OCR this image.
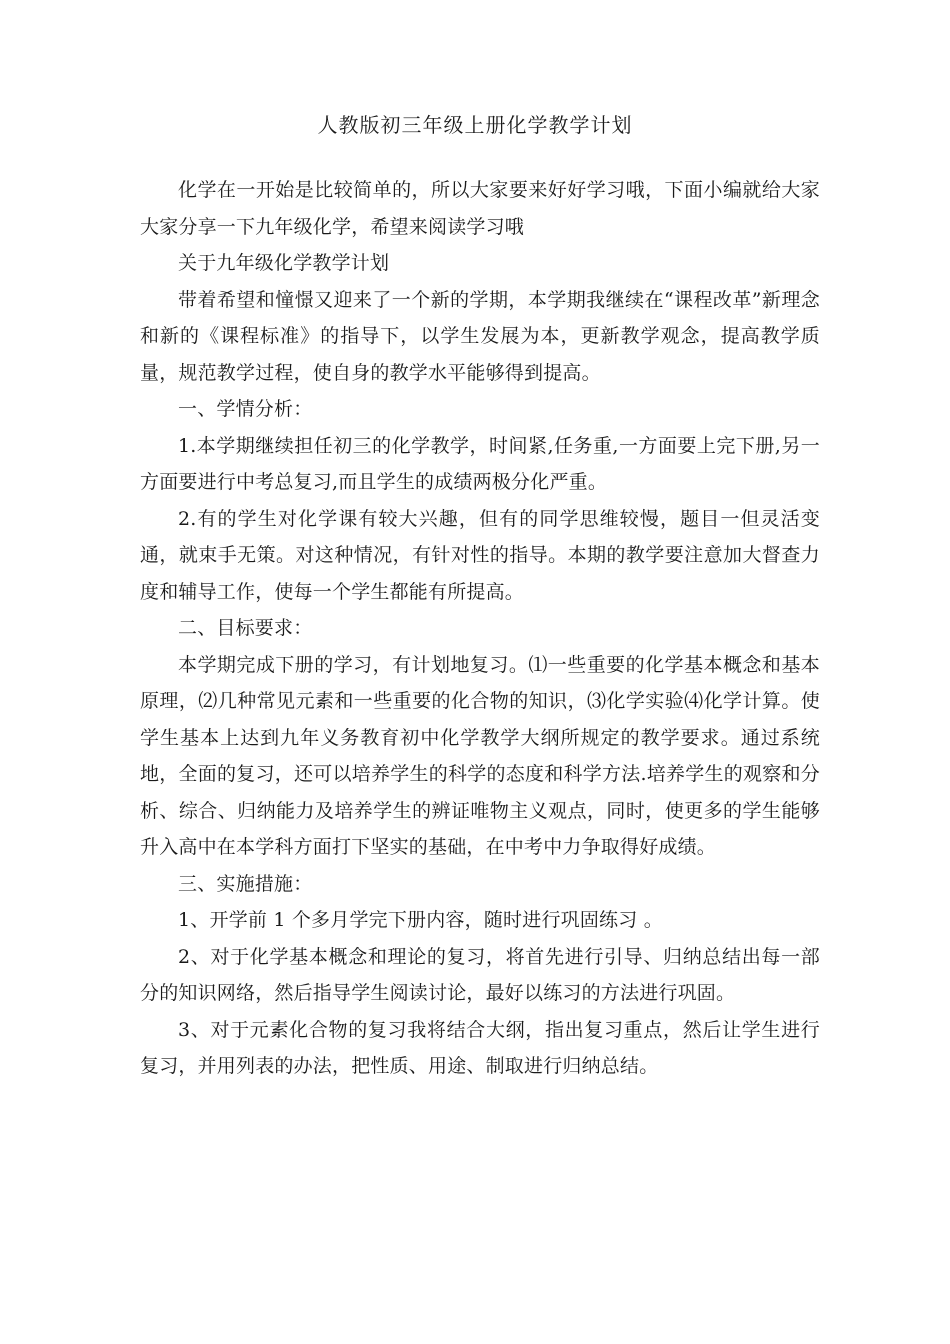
人教版初三年级上册化学教学计划

化学在一开始是比较简单的，所以大家要来好好学习哦，下面小编就给大家大家分享一下九年级化学，希望来阅读学习哦

关于九年级化学教学计划

带着希望和憧憬又迎来了一个新的学期，本学期我继续在“课程改革”新理念和新的《课程标准》的指导下，以学生发展为本，更新教学观念，提高教学质量，规范教学过程，使自身的教学水平能够得到提高。

一、学情分析：

1.本学期继续担任初三的化学教学，时间紧,任务重,一方面要上完下册,另一方面要进行中考总复习,而且学生的成绩两极分化严重。

2.有的学生对化学课有较大兴趣，但有的同学思维较慢，题目一但灵活变通，就束手无策。对这种情况，有针对性的指导。本期的教学要注意加大督查力度和辅导工作，使每一个学生都能有所提高。

二、目标要求：

本学期完成下册的学习，有计划地复习。⑴一些重要的化学基本概念和基本原理，⑵几种常见元素和一些重要的化合物的知识，⑶化学实验⑷化学计算。使学生基本上达到九年义务教育初中化学教学大纲所规定的教学要求。通过系统地，全面的复习，还可以培养学生的科学的态度和科学方法.培养学生的观察和分析、综合、归纳能力及培养学生的辨证唯物主义观点，同时，使更多的学生能够升入高中在本学科方面打下坚实的基础，在中考中力争取得好成绩。

三、实施措施：

1、开学前 1 个多月学完下册内容，随时进行巩固练习 。

2、对于化学基本概念和理论的复习，将首先进行引导、归纳总结出每一部分的知识网络，然后指导学生阅读讨论，最好以练习的方法进行巩固。

3、对于元素化合物的复习我将结合大纲，指出复习重点，然后让学生进行复习，并用列表的办法，把性质、用途、制取进行归纳总结。
